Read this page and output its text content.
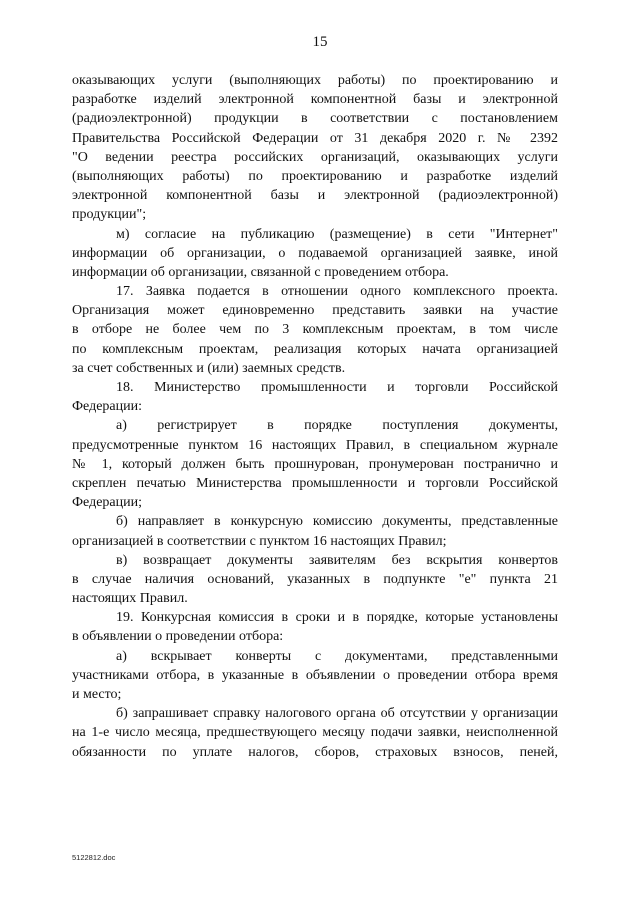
15
оказывающих услуги (выполняющих работы) по проектированию и
разработке изделий электронной компонентной базы и электронной
(радиоэлектронной) продукции в соответствии с постановлением
Правительства Российской Федерации от 31 декабря 2020 г. № 2392
"О ведении реестра российских организаций, оказывающих услуги
(выполняющих работы) по проектированию и разработке изделий
электронной компонентной базы и электронной (радиоэлектронной)
продукции";
м) согласие на публикацию (размещение) в сети "Интернет"
информации об организации, о подаваемой организацией заявке, иной
информации об организации, связанной с проведением отбора.
17. Заявка подается в отношении одного комплексного проекта.
Организация может единовременно представить заявки на участие
в отборе не более чем по 3 комплексным проектам, в том числе
по комплексным проектам, реализация которых начата организацией
за счет собственных и (или) заемных средств.
18. Министерство промышленности и торговли Российской
Федерации:
а) регистрирует в порядке поступления документы,
предусмотренные пунктом 16 настоящих Правил, в специальном журнале
№ 1, который должен быть прошнурован, пронумерован постранично и
скреплен печатью Министерства промышленности и торговли Российской
Федерации;
б) направляет в конкурсную комиссию документы, представленные
организацией в соответствии с пунктом 16 настоящих Правил;
в) возвращает документы заявителям без вскрытия конвертов
в случае наличия оснований, указанных в подпункте "е" пункта 21
настоящих Правил.
19. Конкурсная комиссия в сроки и в порядке, которые установлены
в объявлении о проведении отбора:
а) вскрывает конверты с документами, представленными
участниками отбора, в указанные в объявлении о проведении отбора время
и место;
б) запрашивает справку налогового органа об отсутствии у организации
на 1-е число месяца, предшествующего месяцу подачи заявки, неисполненной
обязанности по уплате налогов, сборов, страховых взносов, пеней,
5122812.doc
